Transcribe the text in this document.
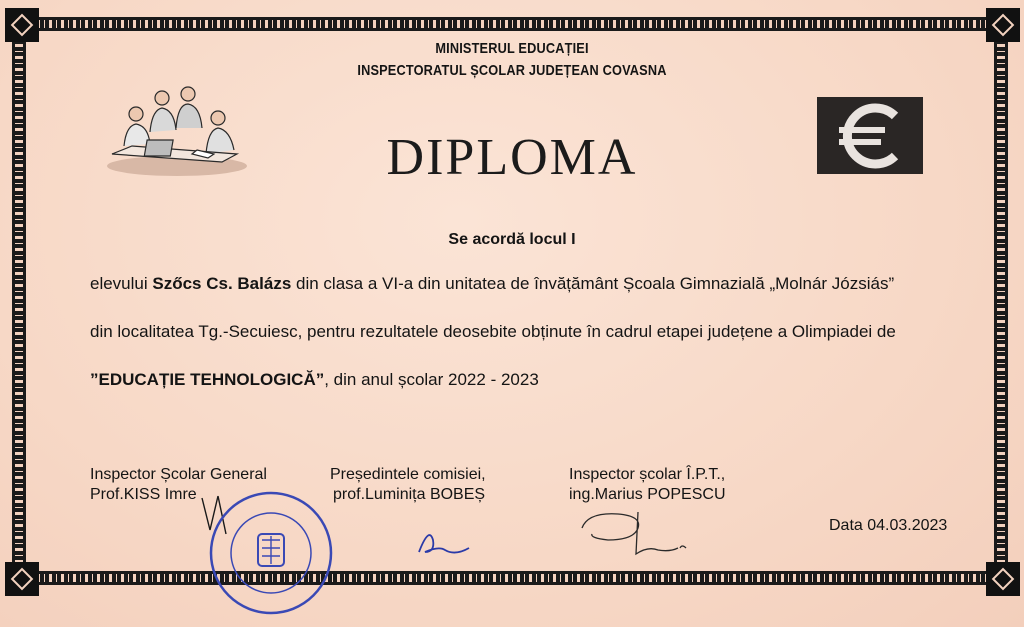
MINISTERUL EDUCAȚIEI
INSPECTORATUL ȘCOLAR JUDEȚEAN COVASNA
DIPLOMA
Se acordă locul I
elevului Szőcs Cs. Balázs din clasa a VI-a din unitatea de învățământ Școala Gimnazială „Molnár Józsiás”
din localitatea Tg.-Secuiesc, pentru rezultatele deosebite obținute în cadrul etapei județene a Olimpiadei de
”EDUCAȚIE TEHNOLOGICĂ”, din anul școlar 2022 - 2023
Inspector Școlar General
Prof.KISS Imre
Președintele comisiei,
prof.Luminița BOBEȘ
Inspector școlar Î.P.T.,
ing.Marius POPESCU
Data 04.03.2023
